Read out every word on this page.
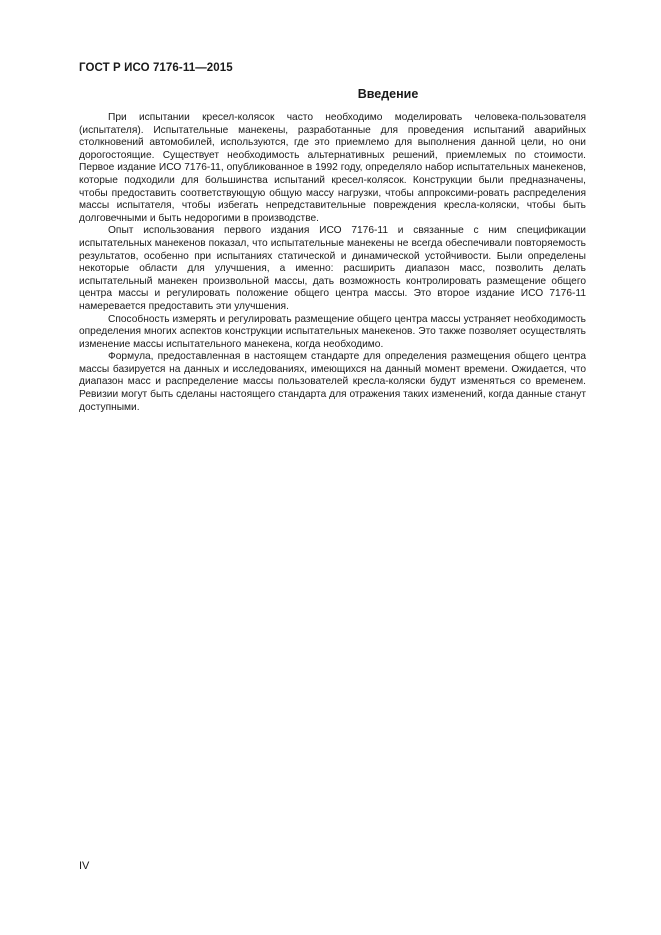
ГОСТ Р ИСО 7176-11—2015
Введение

При испытании кресел-колясок часто необходимо моделировать человека-пользователя (испытателя). Испытательные манекены, разработанные для проведения испытаний аварийных столкновений автомобилей, используются, где это приемлемо для выполнения данной цели, но они дорогостоящие. Существует необходимость альтернативных решений, приемлемых по стоимости. Первое издание ИСО 7176-11, опубликованное в 1992 году, определяло набор испытательных манекенов, которые подходили для большинства испытаний кресел-колясок. Конструкции были предназначены, чтобы предоставить соответствующую общую массу нагрузки, чтобы аппроксими-ровать распределения массы испытателя, чтобы избегать непредставительные повреждения кресла-коляски, чтобы быть долговечными и быть недорогими в производстве.

Опыт использования первого издания ИСО 7176-11 и связанные с ним спецификации испытательных манекенов показал, что испытательные манекены не всегда обеспечивали повторяемость результатов, особенно при испытаниях статической и динамической устойчивости. Были определены некоторые области для улучшения, а именно: расширить диапазон масс, позволить делать испытательный манекен произвольной массы, дать возможность контролировать размещение общего центра массы и регулировать положение общего центра массы. Это второе издание ИСО 7176-11 намеревается предоставить эти улучшения.

Способность измерять и регулировать размещение общего центра массы устраняет необходимость определения многих аспектов конструкции испытательных манекенов. Это также позволяет осуществлять изменение массы испытательного манекена, когда необходимо.

Формула, предоставленная в настоящем стандарте для определения размещения общего центра массы базируется на данных и исследованиях, имеющихся на данный момент времени. Ожидается, что диапазон масс и распределение массы пользователей кресла-коляски будут изменяться со временем. Ревизии могут быть сделаны настоящего стандарта для отражения таких изменений, когда данные станут доступными.

IV
